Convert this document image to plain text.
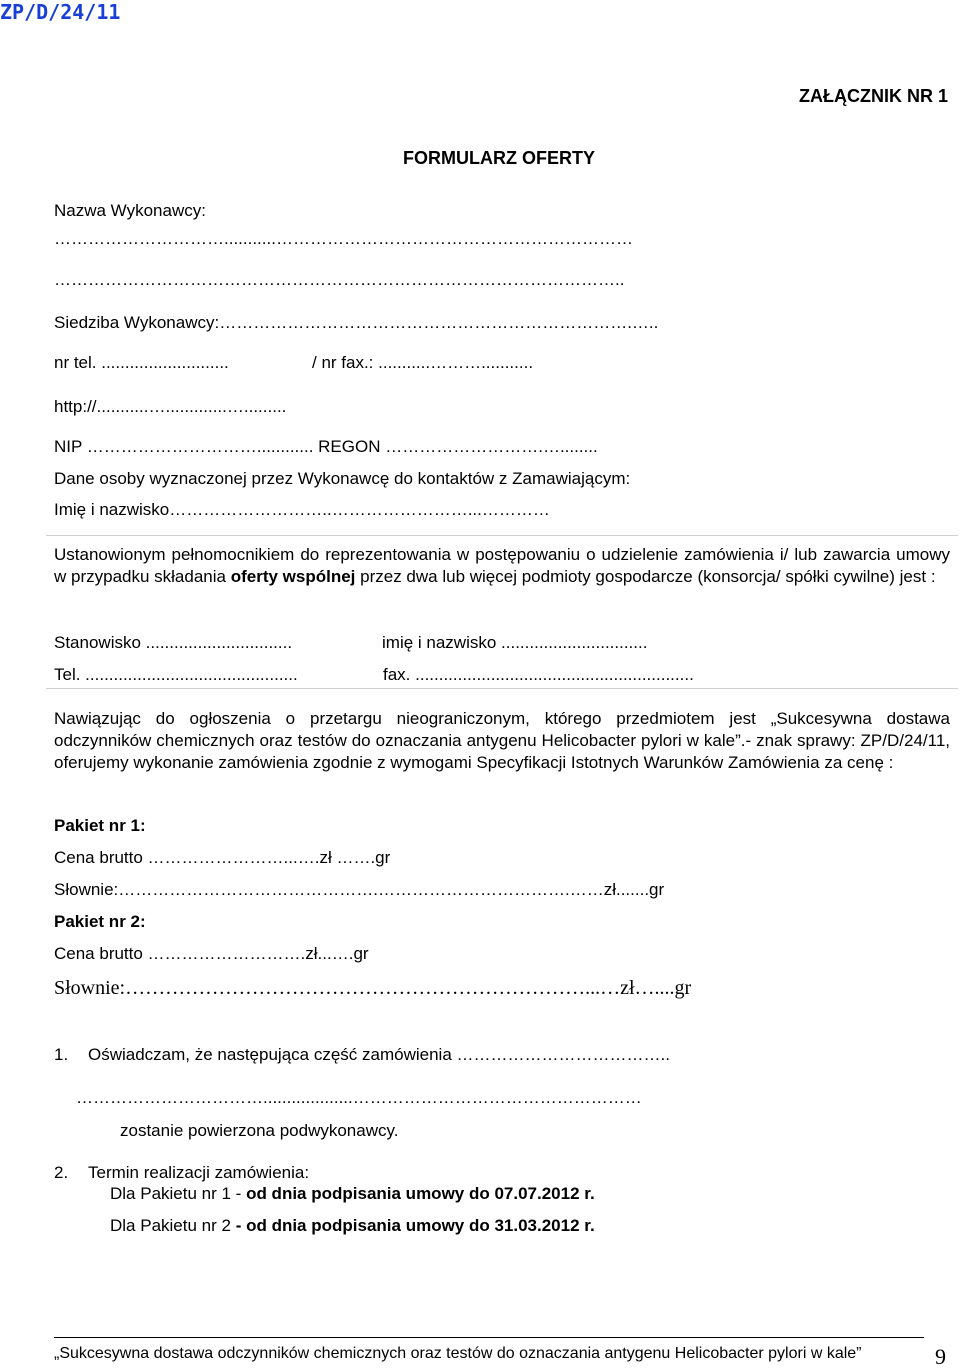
ZP/D/24/11
ZAŁĄCZNIK NR 1
FORMULARZ OFERTY
Nazwa Wykonawcy:
…………………………...........………………………………………………………
………………………………………………………………………………………..
Siedziba Wykonawcy:……………………………………………………………….…..
nr tel. ...........................	/ nr fax.: ...........………...........
http://...........….............….........
NIP …………………………............ REGON ……………………….…........
Dane osoby wyznaczonej przez Wykonawcę do kontaktów z Zamawiającym:
Imię i nazwisko………………………..……………………...…………
Ustanowionym pełnomocnikiem do reprezentowania w postępowaniu o udzielenie zamówienia i/ lub zawarcia umowy w przypadku składania oferty wspólnej przez dwa lub więcej podmioty gospodarcze (konsorcja/ spółki cywilne) jest :
Stanowisko ...............................	imię i nazwisko ...............................
Tel. .............................................	fax. ...........................................................
Nawiązując do ogłoszenia o przetargu nieograniczonym, którego przedmiotem jest „Sukcesywna dostawa odczynników chemicznych oraz testów do oznaczania antygenu Helicobacter pylori w kale”.- znak sprawy: ZP/D/24/11, oferujemy wykonanie zamówienia zgodnie z wymogami Specyfikacji Istotnych Warunków Zamówienia za cenę :
Pakiet nr 1:
Cena brutto ……………………...….zł …….gr
Słownie:……………………………………….…………………………….……zł.......gr
Pakiet nr 2:
Cena brutto ……………………….zł...….gr
Słownie:……………………………………………………………...…zł…....gr
1. Oświadczam, że następująca część zamówienia ………………………………..
……………………………...................……………………………………………
zostanie powierzona podwykonawcy.
2. Termin realizacji zamówienia:
Dla Pakietu nr 1 - od dnia podpisania umowy do 07.07.2012 r.
Dla Pakietu nr 2 - od dnia podpisania umowy do 31.03.2012 r.
„Sukcesywna dostawa odczynników chemicznych oraz testów do oznaczania antygenu Helicobacter pylori w kale”	9
